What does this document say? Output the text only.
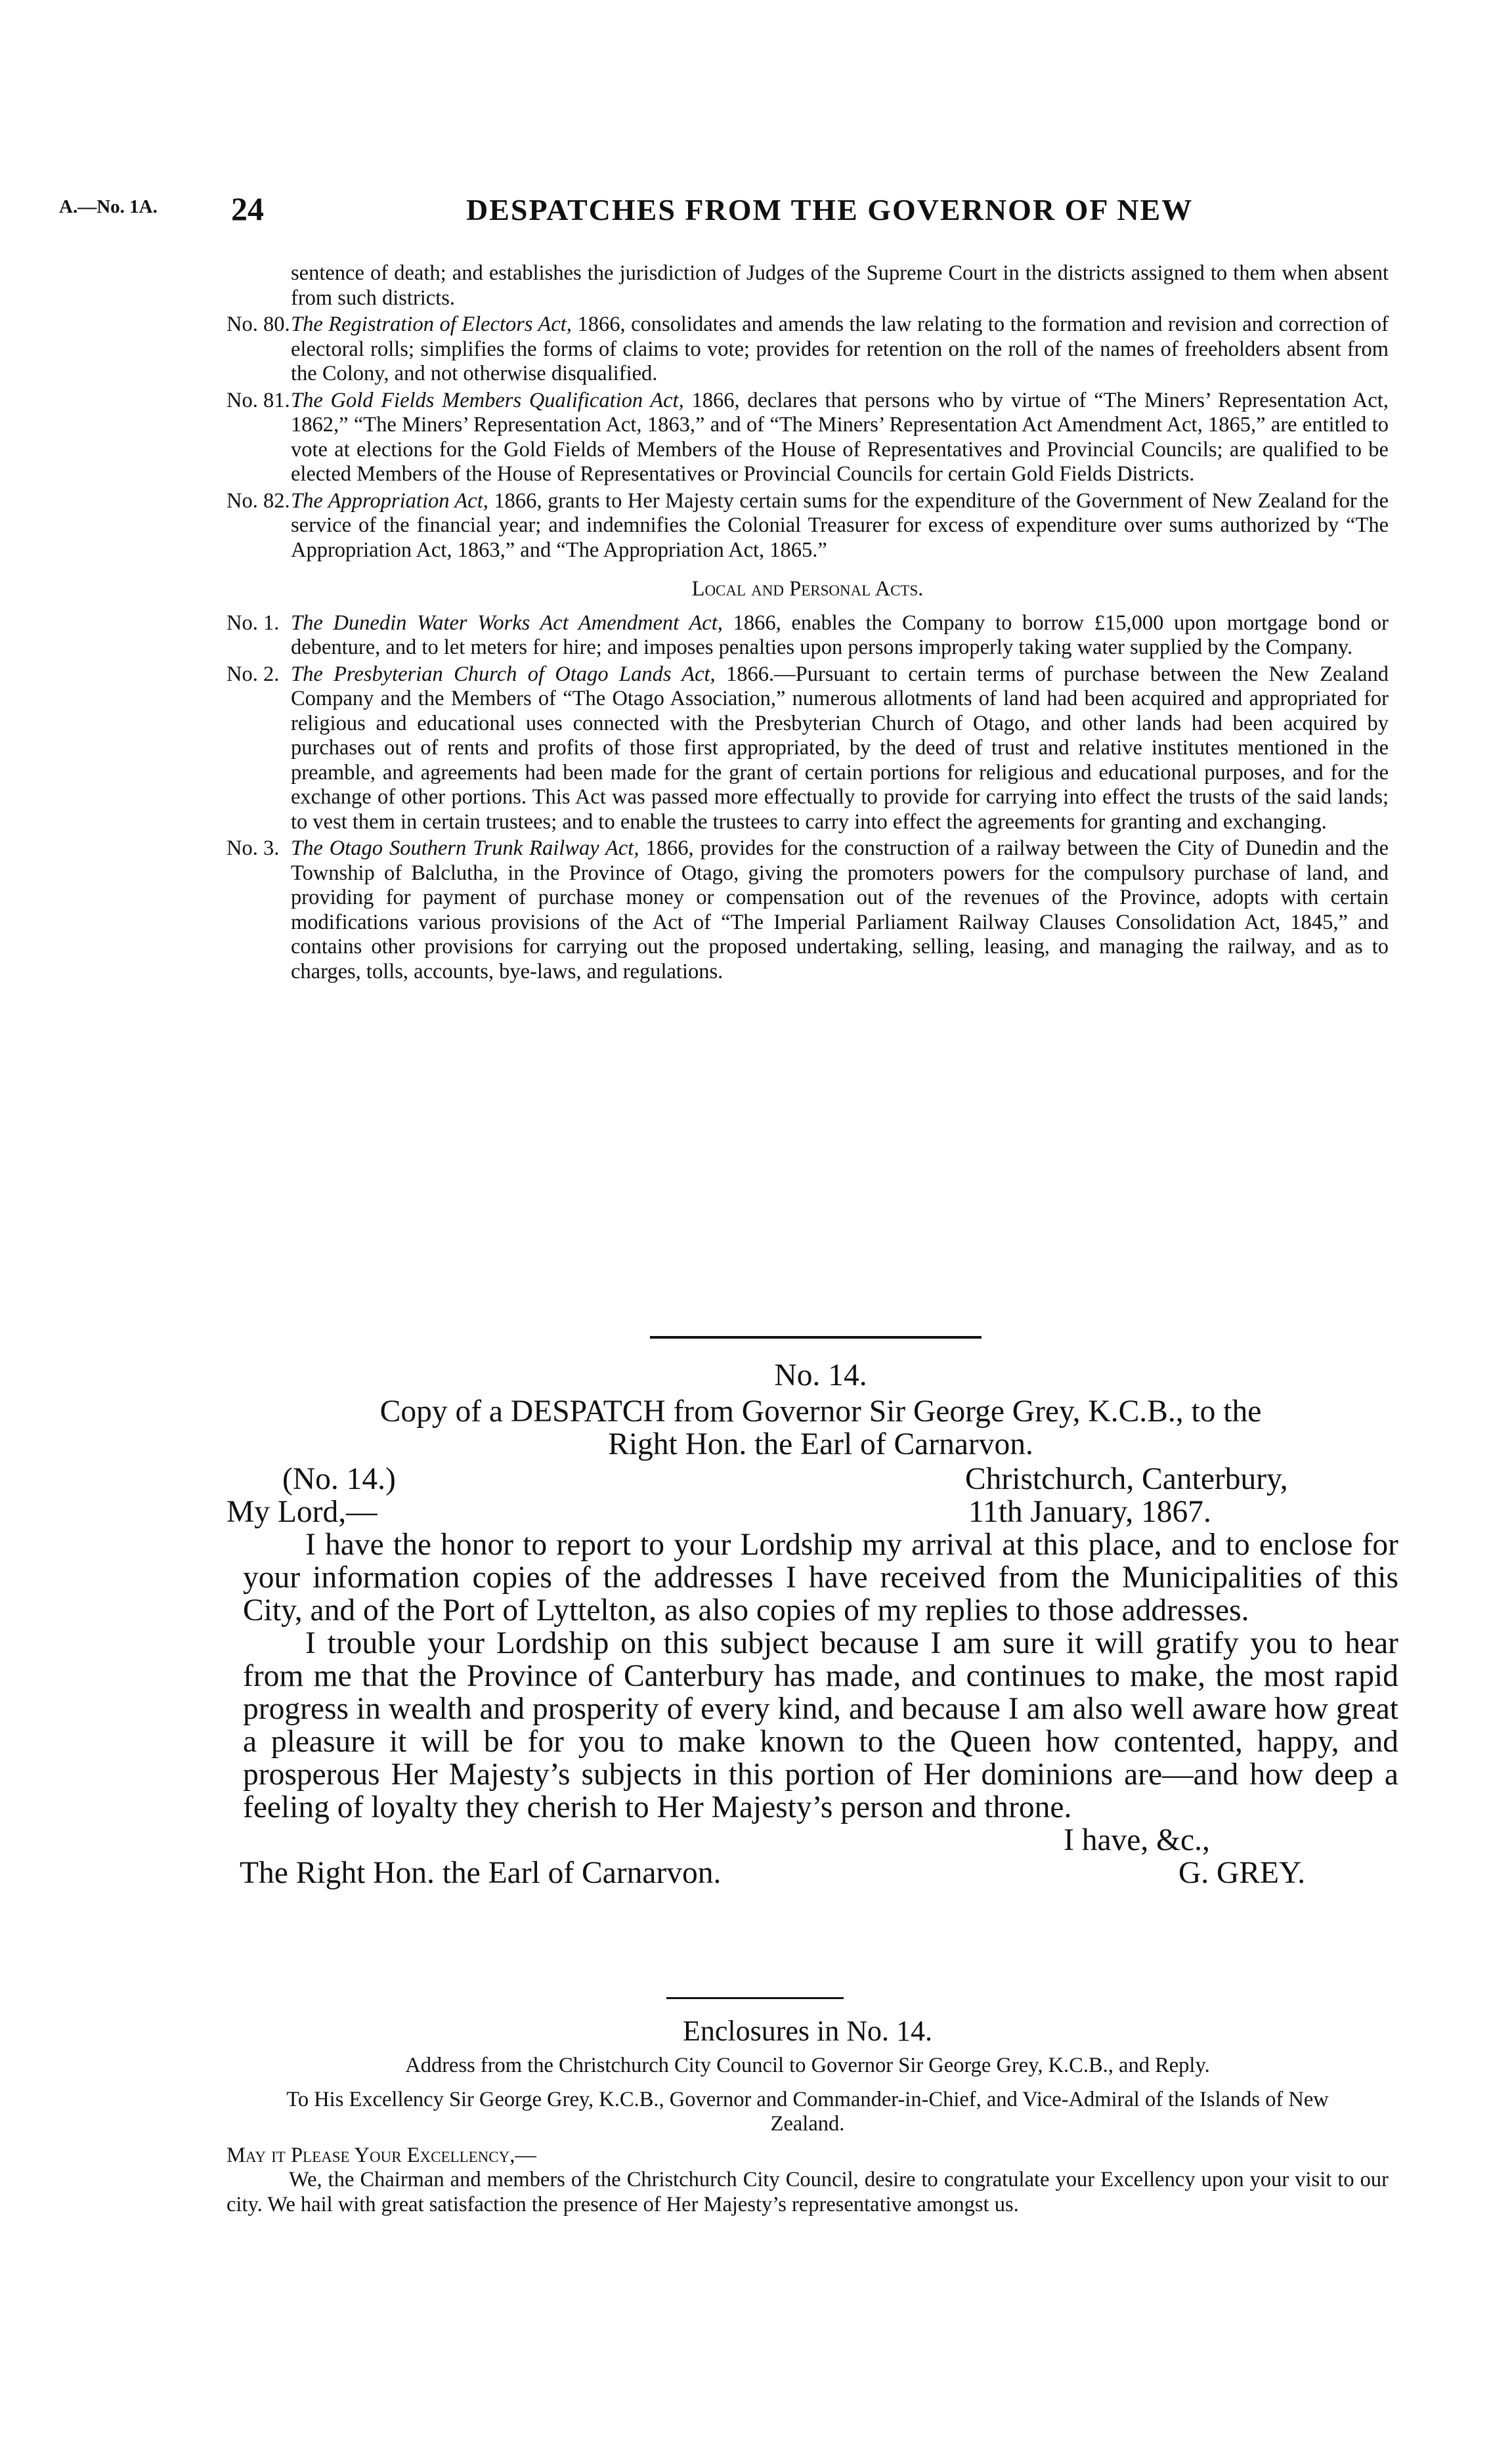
A.—No. 1A. 24	DESPATCHES FROM THE GOVERNOR OF NEW

sentence of death; and establishes the jurisdiction of Judges of the Supreme Court in the districts assigned to them when absent from such districts.

No. 80.The Registration of Electors Act, 1866, consolidates and amends the law relating to the formation and revision and correction of electoral rolls; simplifies the forms of claims to vote; provides for retention on the roll of the names of freeholders absent from the Colony, and not otherwise disqualified.

No. 81.The Gold Fields Members Qualification Act, 1866, declares that persons who by virtue of “The Miners’ Representation Act, 1862,” “The Miners’ Representation Act, 1863,” and of “The Miners’ Representation Act Amendment Act, 1865,” are entitled to vote at elections for the Gold Fields of Members of the House of Representatives and Provincial Councils; are qualified to be elected Members of the House of Representatives or Provincial Councils for certain Gold Fields Districts.

No. 82.The Appropriation Act, 1866, grants to Her Majesty certain sums for the expenditure of the Government of New Zealand for the service of the financial year; and indemnifies the Colonial Treasurer for excess of expenditure over sums authorized by “The Appropriation Act, 1863,” and “The Appropriation Act, 1865.”

Local and Personal Acts.

No. 1. The Dunedin Water Works Act Amendment Act, 1866, enables the Company to borrow £15,000 upon mortgage bond or debenture, and to let meters for hire; and imposes penalties upon persons improperly taking water supplied by the Company.

No. 2. The Presbyterian Church of Otago Lands Act, 1866.—Pursuant to certain terms of purchase between the New Zealand Company and the Members of “The Otago Association,” numerous allotments of land had been acquired and appropriated for religious and educational uses connected with the Presbyterian Church of Otago, and other lands had been acquired by purchases out of rents and profits of those first appropriated, by the deed of trust and relative institutes mentioned in the preamble, and agreements had been made for the grant of certain portions for religious and educational purposes, and for the exchange of other portions. This Act was passed more effectually to provide for carrying into effect the trusts of the said lands; to vest them in certain trustees; and to enable the trustees to carry into effect the agreements for granting and exchanging.

No. 3. The Otago Southern Trunk Railway Act, 1866, provides for the construction of a railway between the City of Dunedin and the Township of Balclutha, in the Province of Otago, giving the promoters powers for the compulsory purchase of land, and providing for payment of purchase money or compensation out of the revenues of the Province, adopts with certain modifications various provisions of the Act of “The Imperial Parliament Railway Clauses Consolidation Act, 1845,” and contains other provisions for carrying out the proposed undertaking, selling, leasing, and managing the railway, and as to charges, tolls, accounts, bye-laws, and regulations.

No. 14.

Copy of a DESPATCH from Governor Sir George Grey, K.C.B., to the

Right Hon. the Earl of Carnarvon.

(No. 14.)	Christchurch, Canterbury,
My Lord,—	11th January, 1867.

I have the honor to report to your Lordship my arrival at this place, and to enclose for your information copies of the addresses I have received from the Municipalities of this City, and of the Port of Lyttelton, as also copies of my replies to those addresses.

I trouble your Lordship on this subject because I am sure it will gratify you to hear from me that the Province of Canterbury has made, and continues to make, the most rapid progress in wealth and prosperity of every kind, and because I am also well aware how great a pleasure it will be for you to make known to the Queen how contented, happy, and prosperous Her Majesty’s subjects in this portion of Her dominions are—and how deep a feeling of loyalty they cherish to Her Majesty’s person and throne.

I have, &c.,
The Right Hon. the Earl of Carnarvon.	G. GREY.

Enclosures in No. 14.

Address from the Christchurch City Council to Governor Sir George Grey, K.C.B., and Reply.

To His Excellency Sir George Grey, K.C.B., Governor and Commander-in-Chief, and Vice-Admiral of the Islands of New Zealand.

May it Please Your Excellency,—

We, the Chairman and members of the Christchurch City Council, desire to congratulate your Excellency upon your visit to our city. We hail with great satisfaction the presence of Her Majesty’s representative amongst us.
